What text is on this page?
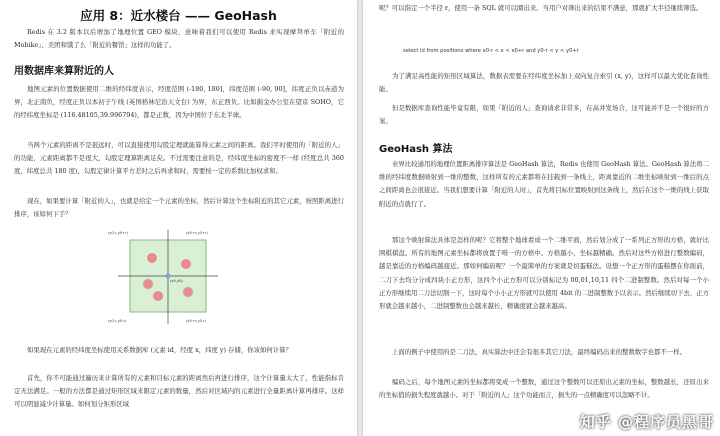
应用 8：近水楼台 —— GeoHash

Redis 在 3.2 版本以后增加了地理位置 GEO 模块，意味着我们可以使用 Redis 来实现摩拜单车「附近的 Mobike」、美团和饿了么「附近的餐馆」这样的功能了。

用数据库来算附近的人

地图元素的位置数据使用二维的经纬度表示，经度范围 (-180, 180]，纬度范围 (-90, 90]，纬度正负以赤道为界，北正南负，经度正负以本初子午线 (英国格林尼治天文台) 为界，东正西负。比如掘金办公室在望京 SOHO，它的经纬度坐标是 (116.48105,39.996794)，都是正数，因为中国位于东北半球。

当两个元素的距离不是很远时，可以直接使用勾股定理就能算得元素之间的距离。我们平时使用的「附近的人」的功能，元素距离都不是很大，勾股定理算距离足矣。不过需要注意的是，经纬度坐标的密度不一样 (经度总共 360 度，纬度总共 180 度)，勾股定律计算平方差时之后再求和时，需要按一定的系数比加权求和。

现在，如果要计算「附近的人」，也就是给定一个元素的坐标，然后计算这个坐标附近的其它元素，按照距离进行排序，该如何下手？

(x0-r,y0+r)	(x0+r,y0+r)
(x0-r,y0-r)	(x0+r,y0-r)
(x0,y0)

如果现在元素的经纬度坐标使用关系数据库 (元素 id，经度 x，纬度 y) 存储，你该如何计算？

首先，你不可能通过遍历来计算所有的元素和目标元素的距离然后再进行排序，这个计算量太大了，性能指标肯定无法满足。一般的方法都是通过矩形区域来限定元素的数量，然后对区域内的元素进行全量距离计算再排序。这样可以明显减少计算量。如何划分矩形区域

呢？可以指定一个半径 r，使用一条 SQL 就可以圈出来。当用户对筛出来的结果不满意，那就扩大半径继续筛选。

select id from positions where x0-r < x < x0+r and y0-r < y < y0+r

为了满足高性能的矩形区域算法，数据表需要在经纬度坐标加上双向复合索引 (x, y)，这样可以最大优化查询性能。

但是数据库查询性能毕竟有限，如果「附近的人」查询请求非常多，在高并发场合，这可能并不是一个很好的方案。

GeoHash 算法

业界比较通用的地理位置距离排序算法是 GeoHash 算法，Redis 也使用 GeoHash 算法。GeoHash 算法将二维的经纬度数据映射到一维的整数，这样所有的元素都将在挂载到一条线上，距离靠近的二维坐标映射到一维后的点之间距离也会很接近。当我们想要计算「附近的人时」，首先将目标位置映射到这条线上，然后在这个一维的线上获取附近的点就行了。

那这个映射算法具体是怎样的呢？它将整个地球看成一个二维平面，然后划分成了一系列正方形的方格，就好比围棋棋盘。所有的地图元素坐标都将放置于唯一的方格中。方格越小，坐标越精确。然后对这些方格进行整数编码，越是靠近的方格编码越接近。那如何编码呢？一个最简单的方案就是切蛋糕法。设想一个正方形的蛋糕摆在你面前，二刀下去均分分成四块小正方形，这四个小正方形可以分别标记为 00,01,10,11 四个二进制整数。然后对每一个小正方形继续用二刀法切割一下，这时每个小小正方形就可以使用 4bit 的二进制整数予以表示。然后继续切下去，正方形就会越来越小，二进制整数也会越来越长，精确度就会越来越高。

上面的例子中使用的是二刀法，真实算法中还会有很多其它刀法，最终编码出来的整数数字也都不一样。

编码之后，每个地图元素的坐标都将变成一个整数，通过这个整数可以还原出元素的坐标，整数越长，还原出来的坐标值的损失程度就越小。对于「附近的人」这个功能而言，损失的一点精确度可以忽略不计。

知乎 @程序员黑哥
